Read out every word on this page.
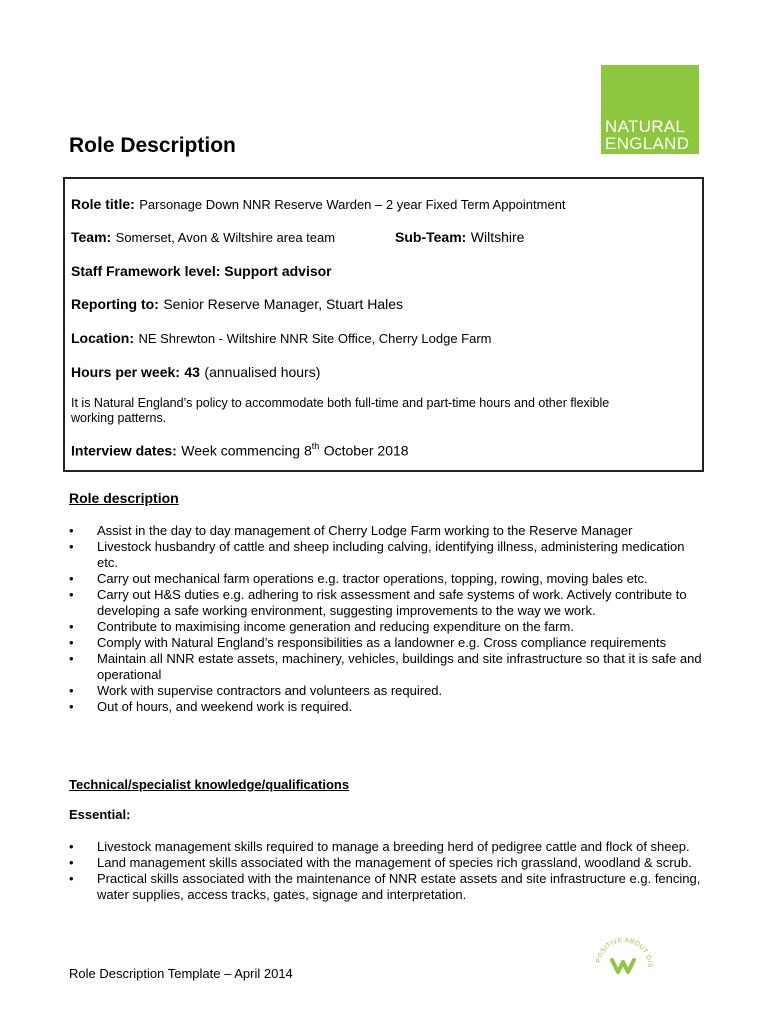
NATURAL
ENGLAND
Role Description
Role title: Parsonage Down NNR Reserve Warden – 2 year Fixed Term Appointment
Team: Somerset, Avon & Wiltshire area team	Sub-Team: Wiltshire
Staff Framework level: Support advisor
Reporting to: Senior Reserve Manager, Stuart Hales
Location: NE Shrewton - Wiltshire NNR Site Office, Cherry Lodge Farm
Hours per week: 43 (annualised hours)
It is Natural England’s policy to accommodate both full-time and part-time hours and other flexible
working patterns.
Interview dates: Week commencing 8th October 2018
Role description
• Assist in the day to day management of Cherry Lodge Farm working to the Reserve Manager
• Livestock husbandry of cattle and sheep including calving, identifying illness, administering medication etc.
• Carry out mechanical farm operations e.g. tractor operations, topping, rowing, moving bales etc.
• Carry out H&S duties e.g. adhering to risk assessment and safe systems of work. Actively contribute to developing a safe working environment, suggesting improvements to the way we work.
• Contribute to maximising income generation and reducing expenditure on the farm.
• Comply with Natural England’s responsibilities as a landowner e.g. Cross compliance requirements
• Maintain all NNR estate assets, machinery, vehicles, buildings and site infrastructure so that it is safe and operational
• Work with supervise contractors and volunteers as required.
• Out of hours, and weekend work is required.
Technical/specialist knowledge/qualifications
Essential:
• Livestock management skills required to manage a breeding herd of pedigree cattle and flock of sheep.
• Land management skills associated with the management of species rich grassland, woodland & scrub.
• Practical skills associated with the maintenance of NNR estate assets and site infrastructure e.g. fencing, water supplies, access tracks, gates, signage and interpretation.
Role Description Template – April 2014
POSITIVE ABOUT DIS
